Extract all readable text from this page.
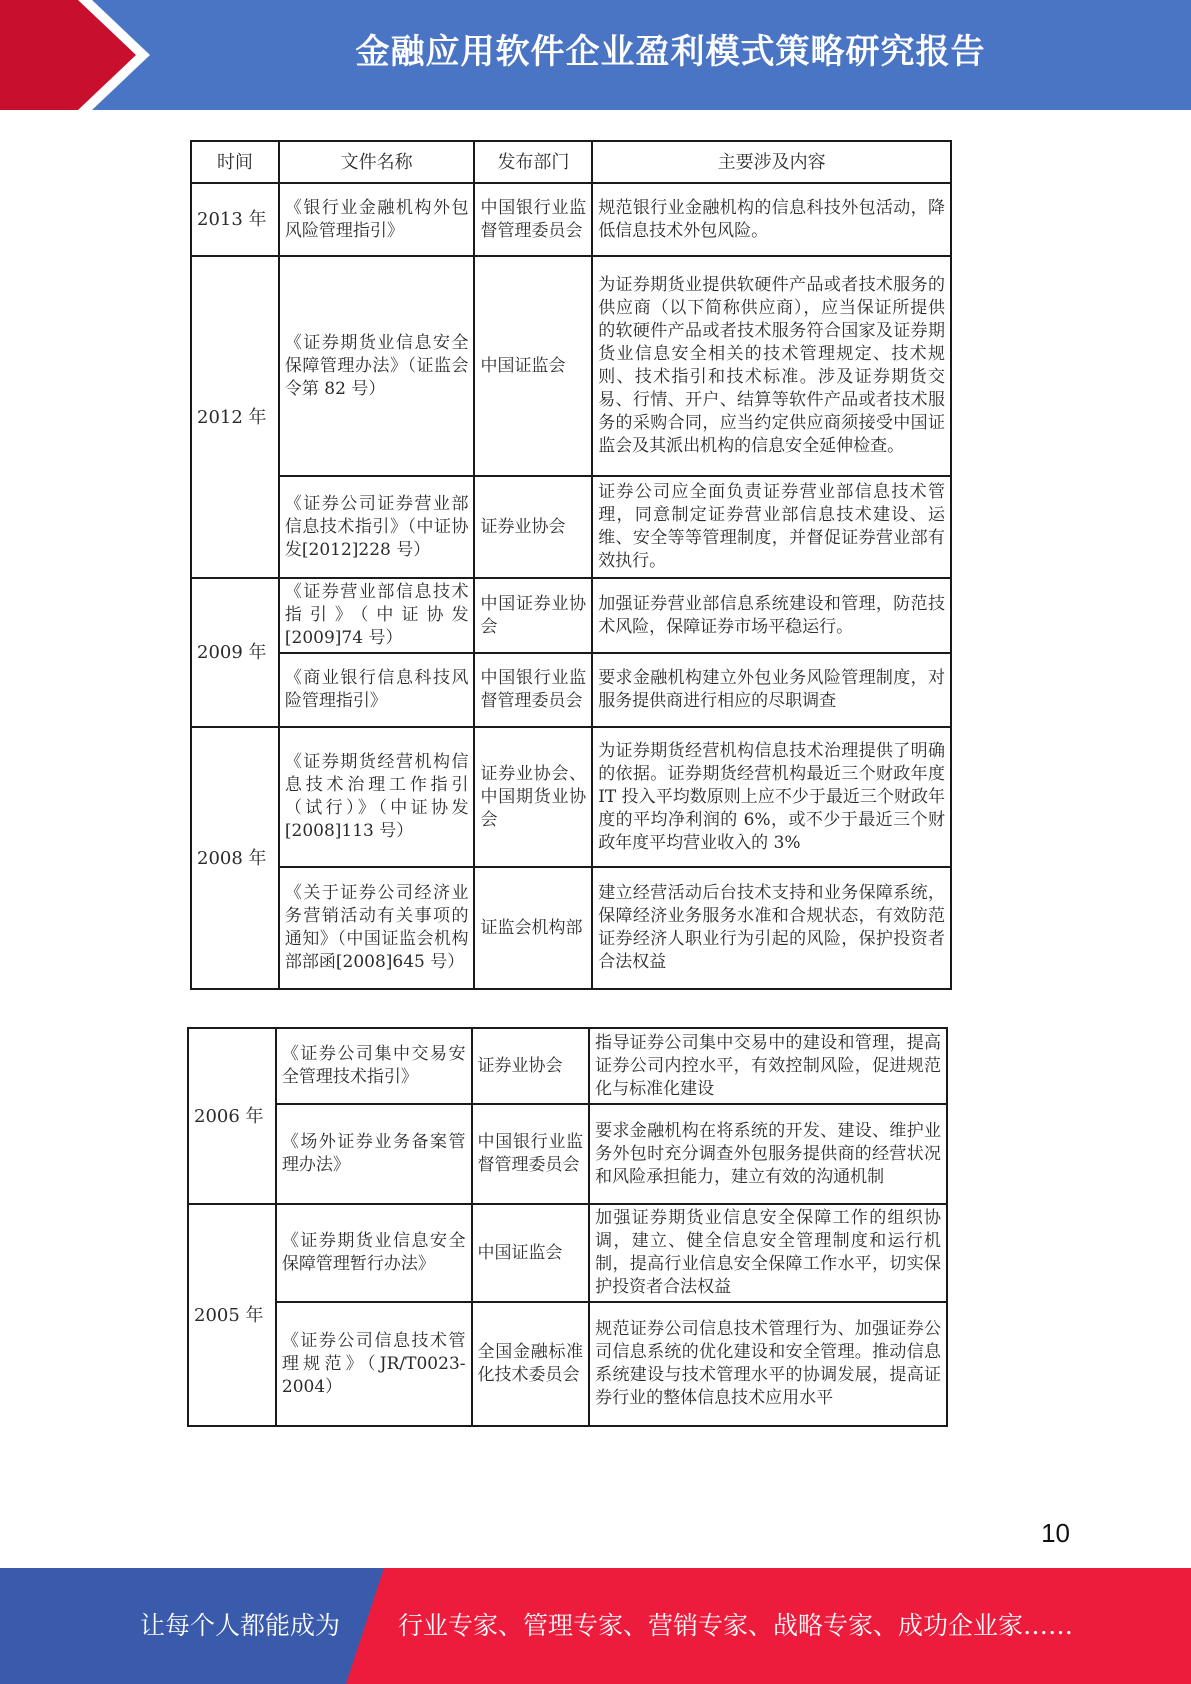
金融应用软件企业盈利模式策略研究报告
时间	文件名称	发布部门	主要涉及内容
2013 年	《银行业金融机构外包风险管理指引》	中国银行业监督管理委员会	规范银行业金融机构的信息科技外包活动，降低信息技术外包风险。
2012 年	《证券期货业信息安全保障管理办法》（证监会令第 82 号）	中国证监会	为证券期货业提供软硬件产品或者技术服务的供应商（以下简称供应商），应当保证所提供的软硬件产品或者技术服务符合国家及证券期货业信息安全相关的技术管理规定、技术规则、技术指引和技术标准。涉及证券期货交易、行情、开户、结算等软件产品或者技术服务的采购合同，应当约定供应商须接受中国证监会及其派出机构的信息安全延伸检查。
	《证券公司证券营业部信息技术指引》（中证协发[2012]228 号）	证券业协会	证券公司应全面负责证券营业部信息技术管理，同意制定证券营业部信息技术建设、运维、安全等等管理制度，并督促证券营业部有效执行。
2009 年	《证券营业部信息技术指引》（中证协发[2009]74 号）	中国证券业协会	加强证券营业部信息系统建设和管理，防范技术风险，保障证券市场平稳运行。
	《商业银行信息科技风险管理指引》	中国银行业监督管理委员会	要求金融机构建立外包业务风险管理制度，对服务提供商进行相应的尽职调查
2008 年	《证券期货经营机构信息技术治理工作指引（试行）》（中证协发[2008]113 号）	证券业协会、中国期货业协会	为证券期货经营机构信息技术治理提供了明确的依据。证券期货经营机构最近三个财政年度 IT 投入平均数原则上应不少于最近三个财政年度的平均净利润的 6%，或不少于最近三个财政年度平均营业收入的 3%
	《关于证券公司经济业务营销活动有关事项的通知》（中国证监会机构部部函[2008]645 号）	证监会机构部	建立经营活动后台技术支持和业务保障系统，保障经济业务服务水准和合规状态，有效防范证券经济人职业行为引起的风险，保护投资者合法权益
2006 年	《证券公司集中交易安全管理技术指引》	证券业协会	指导证券公司集中交易中的建设和管理，提高证券公司内控水平，有效控制风险，促进规范化与标准化建设
	《场外证券业务备案管理办法》	中国银行业监督管理委员会	要求金融机构在将系统的开发、建设、维护业务外包时充分调查外包服务提供商的经营状况和风险承担能力，建立有效的沟通机制
2005 年	《证券期货业信息安全保障管理暂行办法》	中国证监会	加强证券期货业信息安全保障工作的组织协调，建立、健全信息安全管理制度和运行机制，提高行业信息安全保障工作水平，切实保护投资者合法权益
	《证券公司信息技术管理规范》（JR/T0023-2004）	全国金融标准化技术委员会	规范证券公司信息技术管理行为、加强证券公司信息系统的优化建设和安全管理。推动信息系统建设与技术管理水平的协调发展，提高证券行业的整体信息技术应用水平
10
让每个人都能成为 行业专家、管理专家、营销专家、战略专家、成功企业家……
